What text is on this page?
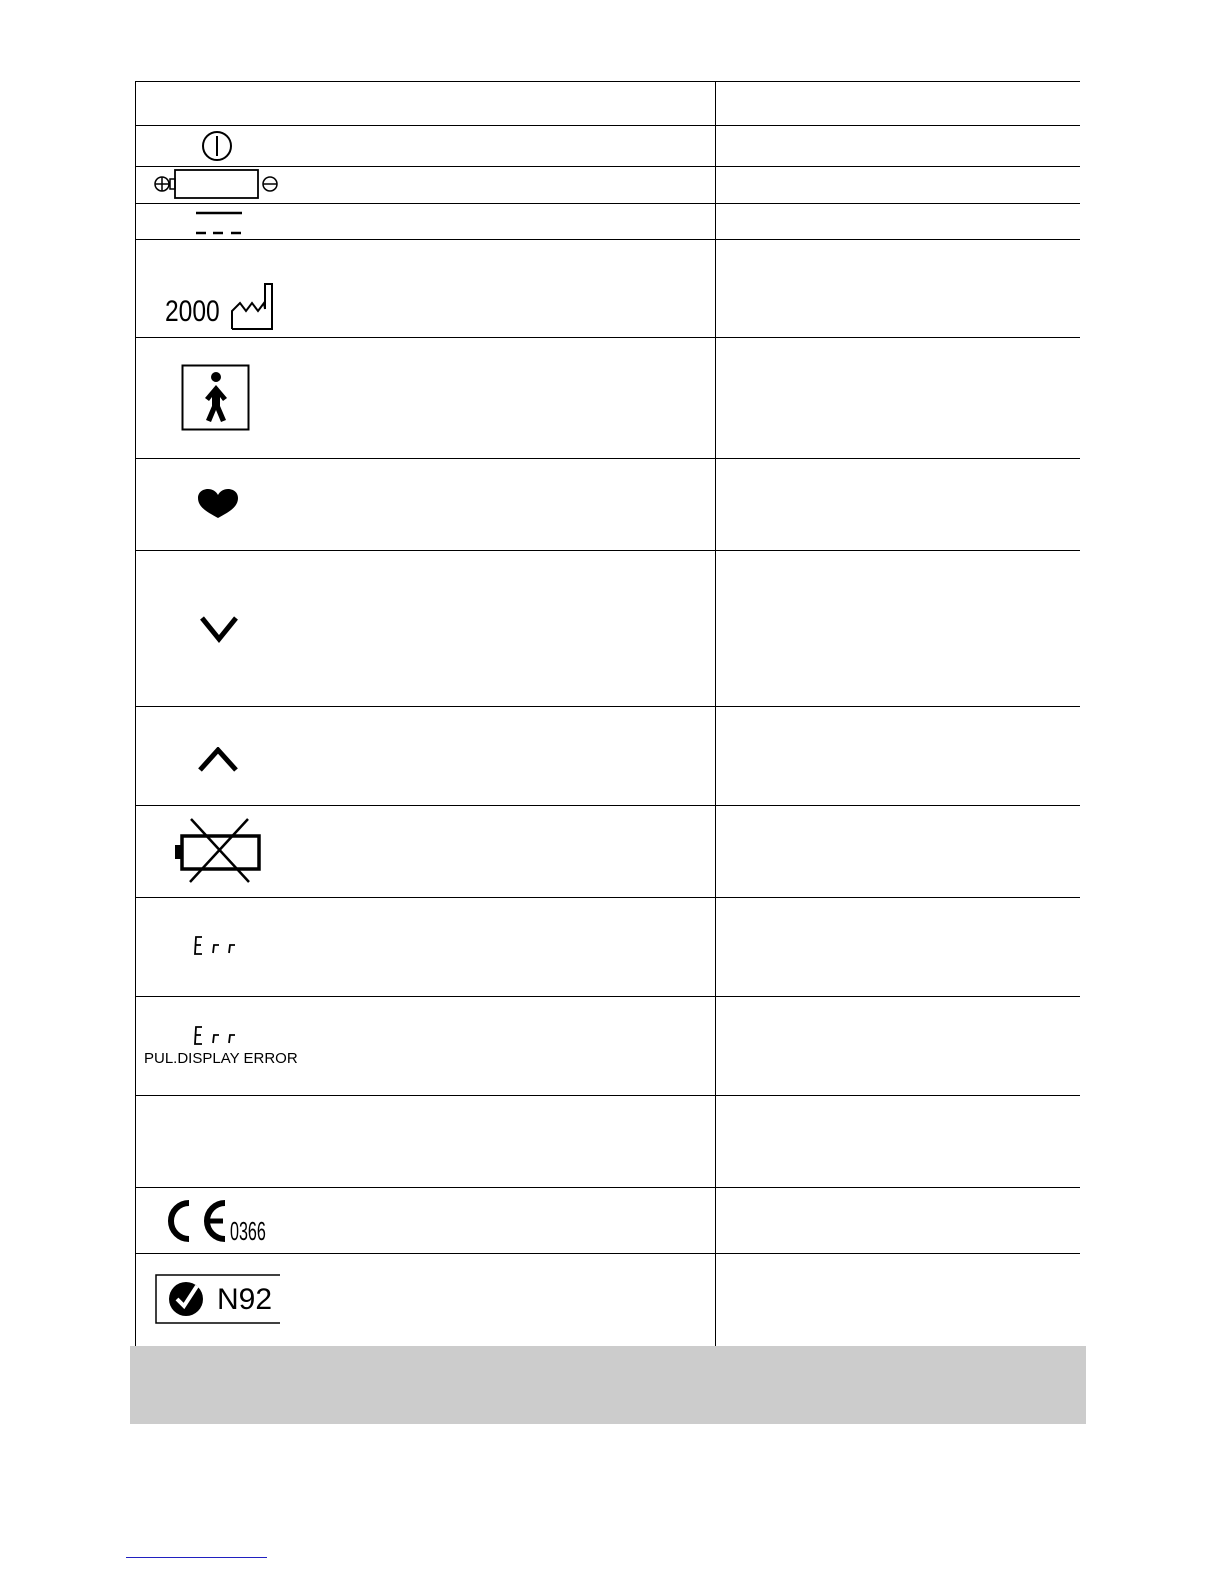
2000
PUL.DISPLAY ERROR
0366
N92
